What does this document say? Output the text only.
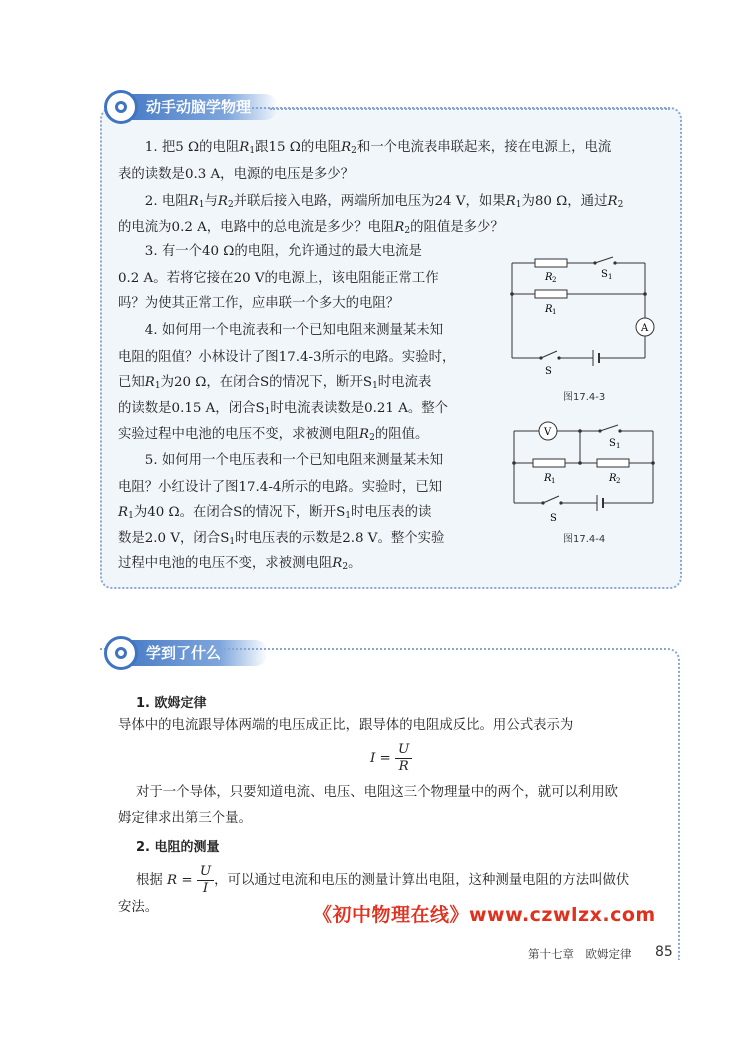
动手动脑学物理

1. 把5 Ω的电阻$R_1$跟15 Ω的电阻$R_2$和一个电流表串联起来，接在电源上，电流

表的读数是0.3 A，电源的电压是多少？

2. 电阻$R_1$与$R_2$并联后接入电路，两端所加电压为24 V，如果$R_1$为80 Ω，通过$R_2$

的电流为0.2 A，电路中的总电流是多少？电阻$R_2$的阻值是多少？

3. 有一个40 Ω的电阻，允许通过的最大电流是

0.2 A。若将它接在20 V的电源上，该电阻能正常工作

吗？为使其正常工作，应串联一个多大的电阻？

4. 如何用一个电流表和一个已知电阻来测量某未知

电阻的阻值？小林设计了图17.4-3所示的电路。实验时，

已知$R_1$为20 Ω，在闭合S的情况下，断开$S_1$时电流表

的读数是0.15 A，闭合$S_1$时电流表读数是0.21 A。整个

实验过程中电池的电压不变，求被测电阻$R_2$的阻值。

5. 如何用一个电压表和一个已知电阻来测量某未知

电阻？小红设计了图17.4-4所示的电路。实验时，已知

$R_1$为40 Ω。在闭合S的情况下，断开$S_1$时电压表的读

数是2.0 V，闭合$S_1$时电压表的示数是2.8 V。整个实验

过程中电池的电压不变，求被测电阻$R_2$。

R 2	S 1
R 1
A
S
图17.4-3
V
S 1
R 1	R 2
S
图17.4-4
学到了什么
1. 欧姆定律

导体中的电流跟导体两端的电压成正比，跟导体的电阻成反比。用公式表示为

$I = \frac{U}{R}$

对于一个导体，只要知道电流、电压、电阻这三个物理量中的两个，就可以利用欧

姆定律求出第三个量。

2. 电阻的测量
根据 $R = \frac{U}{I}$ ，可以通过电流和电压的测量计算出电阻，这种测量电阻的方法叫做伏

安法。	《初中物理在线》www.czwlzx.com
第十七章　欧姆定律 85
